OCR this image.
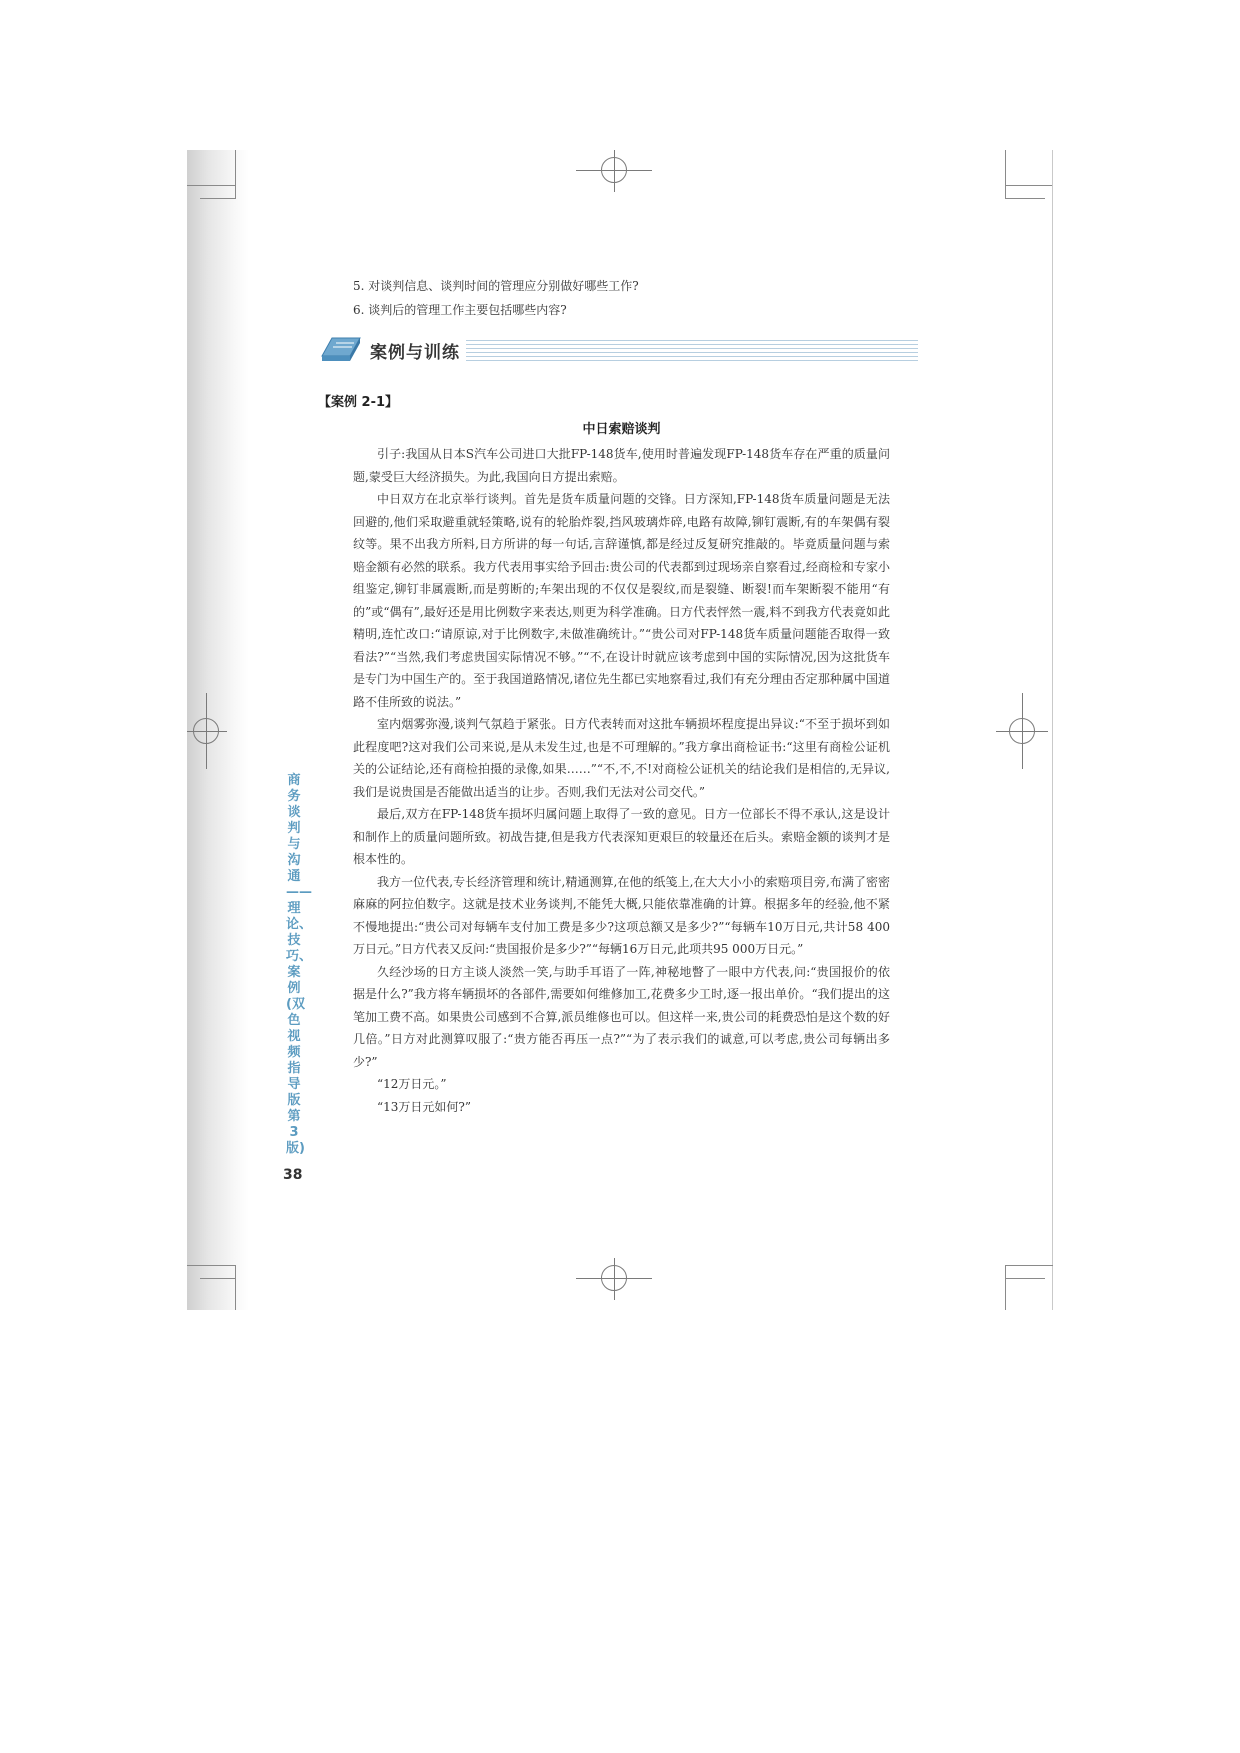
5. 对谈判信息、谈判时间的管理应分别做好哪些工作?
6. 谈判后的管理工作主要包括哪些内容?
案例与训练
【案例 2-1】
中日索赔谈判

引子:我国从日本S汽车公司进口大批FP-148货车,使用时普遍发现FP-148货车存在严重的质量问题,蒙受巨大经济损失。为此,我国向日方提出索赔。

中日双方在北京举行谈判。首先是货车质量问题的交锋。日方深知,FP-148货车质量问题是无法回避的,他们采取避重就轻策略,说有的轮胎炸裂,挡风玻璃炸碎,电路有故障,铆钉震断,有的车架偶有裂纹等。果不出我方所料,日方所讲的每一句话,言辞谨慎,都是经过反复研究推敲的。毕竟质量问题与索赔金额有必然的联系。我方代表用事实给予回击:贵公司的代表都到过现场亲自察看过,经商检和专家小组鉴定,铆钉非属震断,而是剪断的;车架出现的不仅仅是裂纹,而是裂缝、断裂!而车架断裂不能用“有的”或“偶有”,最好还是用比例数字来表达,则更为科学准确。日方代表怦然一震,料不到我方代表竟如此精明,连忙改口:“请原谅,对于比例数字,未做准确统计。”“贵公司对FP-148货车质量问题能否取得一致看法?”“当然,我们考虑贵国实际情况不够。”“不,在设计时就应该考虑到中国的实际情况,因为这批货车是专门为中国生产的。至于我国道路情况,诸位先生都已实地察看过,我们有充分理由否定那种属中国道路不佳所致的说法。”

室内烟雾弥漫,谈判气氛趋于紧张。日方代表转而对这批车辆损坏程度提出异议:“不至于损坏到如此程度吧?这对我们公司来说,是从未发生过,也是不可理解的。”我方拿出商检证书:“这里有商检公证机关的公证结论,还有商检拍摄的录像,如果……”“不,不,不!对商检公证机关的结论我们是相信的,无异议,我们是说贵国是否能做出适当的让步。否则,我们无法对公司交代。”

最后,双方在FP-148货车损坏归属问题上取得了一致的意见。日方一位部长不得不承认,这是设计和制作上的质量问题所致。初战告捷,但是我方代表深知更艰巨的较量还在后头。索赔金额的谈判才是根本性的。

我方一位代表,专长经济管理和统计,精通测算,在他的纸笺上,在大大小小的索赔项目旁,布满了密密麻麻的阿拉伯数字。这就是技术业务谈判,不能凭大概,只能依靠准确的计算。根据多年的经验,他不紧不慢地提出:“贵公司对每辆车支付加工费是多少?这项总额又是多少?”“每辆车10万日元,共计58 400万日元。”日方代表又反问:“贵国报价是多少?”“每辆16万日元,此项共95 000万日元。”

久经沙场的日方主谈人淡然一笑,与助手耳语了一阵,神秘地瞥了一眼中方代表,问:“贵国报价的依据是什么?”我方将车辆损坏的各部件,需要如何维修加工,花费多少工时,逐一报出单价。“我们提出的这笔加工费不高。如果贵公司感到不合算,派员维修也可以。但这样一来,贵公司的耗费恐怕是这个数的好几倍。”日方对此测算叹服了:“贵方能否再压一点?”“为了表示我们的诚意,可以考虑,贵公司每辆出多少?”

“12万日元。”

“13万日元如何?”

商务谈判与沟通——理论、技巧、案例(双色 视频指导版 第3版)
38
